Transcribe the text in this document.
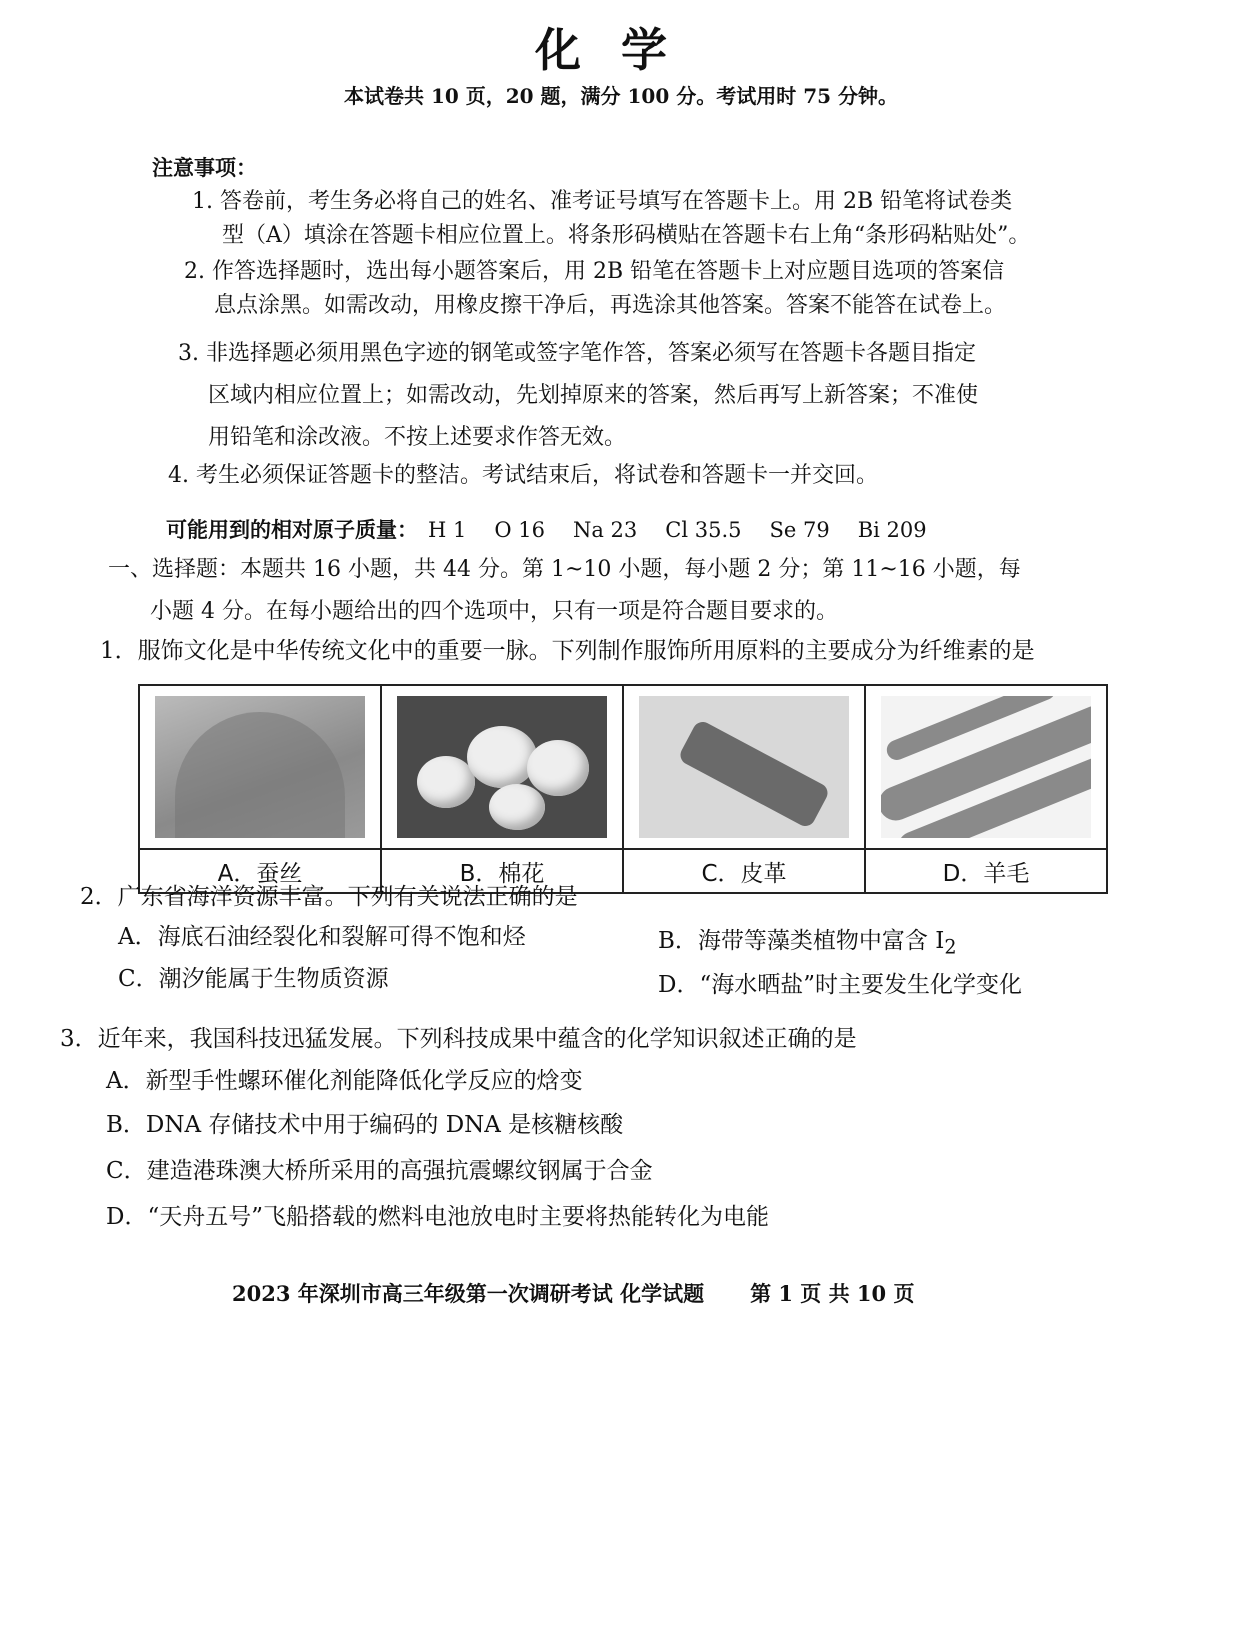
化学
本试卷共 10 页，20 题，满分 100 分。考试用时 75 分钟。
注意事项：
1. 答卷前，考生务必将自己的姓名、准考证号填写在答题卡上。用 2B 铅笔将试卷类
型（A）填涂在答题卡相应位置上。将条形码横贴在答题卡右上角“条形码粘贴处”。
2. 作答选择题时，选出每小题答案后，用 2B 铅笔在答题卡上对应题目选项的答案信
息点涂黑。如需改动，用橡皮擦干净后，再选涂其他答案。答案不能答在试卷上。
3. 非选择题必须用黑色字迹的钢笔或签字笔作答，答案必须写在答题卡各题目指定
区域内相应位置上；如需改动，先划掉原来的答案，然后再写上新答案；不准使
用铅笔和涂改液。不按上述要求作答无效。
4. 考生必须保证答题卡的整洁。考试结束后，将试卷和答题卡一并交回。
可能用到的相对原子质量： H 1 O 16 Na 23 Cl 35.5 Se 79 Bi 209
一、选择题：本题共 16 小题，共 44 分。第 1~10 小题，每小题 2 分；第 11~16 小题，每
小题 4 分。在每小题给出的四个选项中，只有一项是符合题目要求的。
1．服饰文化是中华传统文化中的重要一脉。下列制作服饰所用原料的主要成分为纤维素的是

A．蚕丝	B．棉花	C．皮革	D．羊毛
2．广东省海洋资源丰富。下列有关说法正确的是
A．海底石油经裂化和裂解可得不饱和烃	B．海带等藻类植物中富含 $I_2$
C．潮汐能属于生物质资源	D．“海水晒盐”时主要发生化学变化
3．近年来，我国科技迅猛发展。下列科技成果中蕴含的化学知识叙述正确的是
A．新型手性螺环催化剂能降低化学反应的焓变
B．DNA 存储技术中用于编码的 DNA 是核糖核酸
C．建造港珠澳大桥所采用的高强抗震螺纹钢属于合金
D．“天舟五号”飞船搭载的燃料电池放电时主要将热能转化为电能
2023 年深圳市高三年级第一次调研考试 化学试题 第 1 页 共 10 页
